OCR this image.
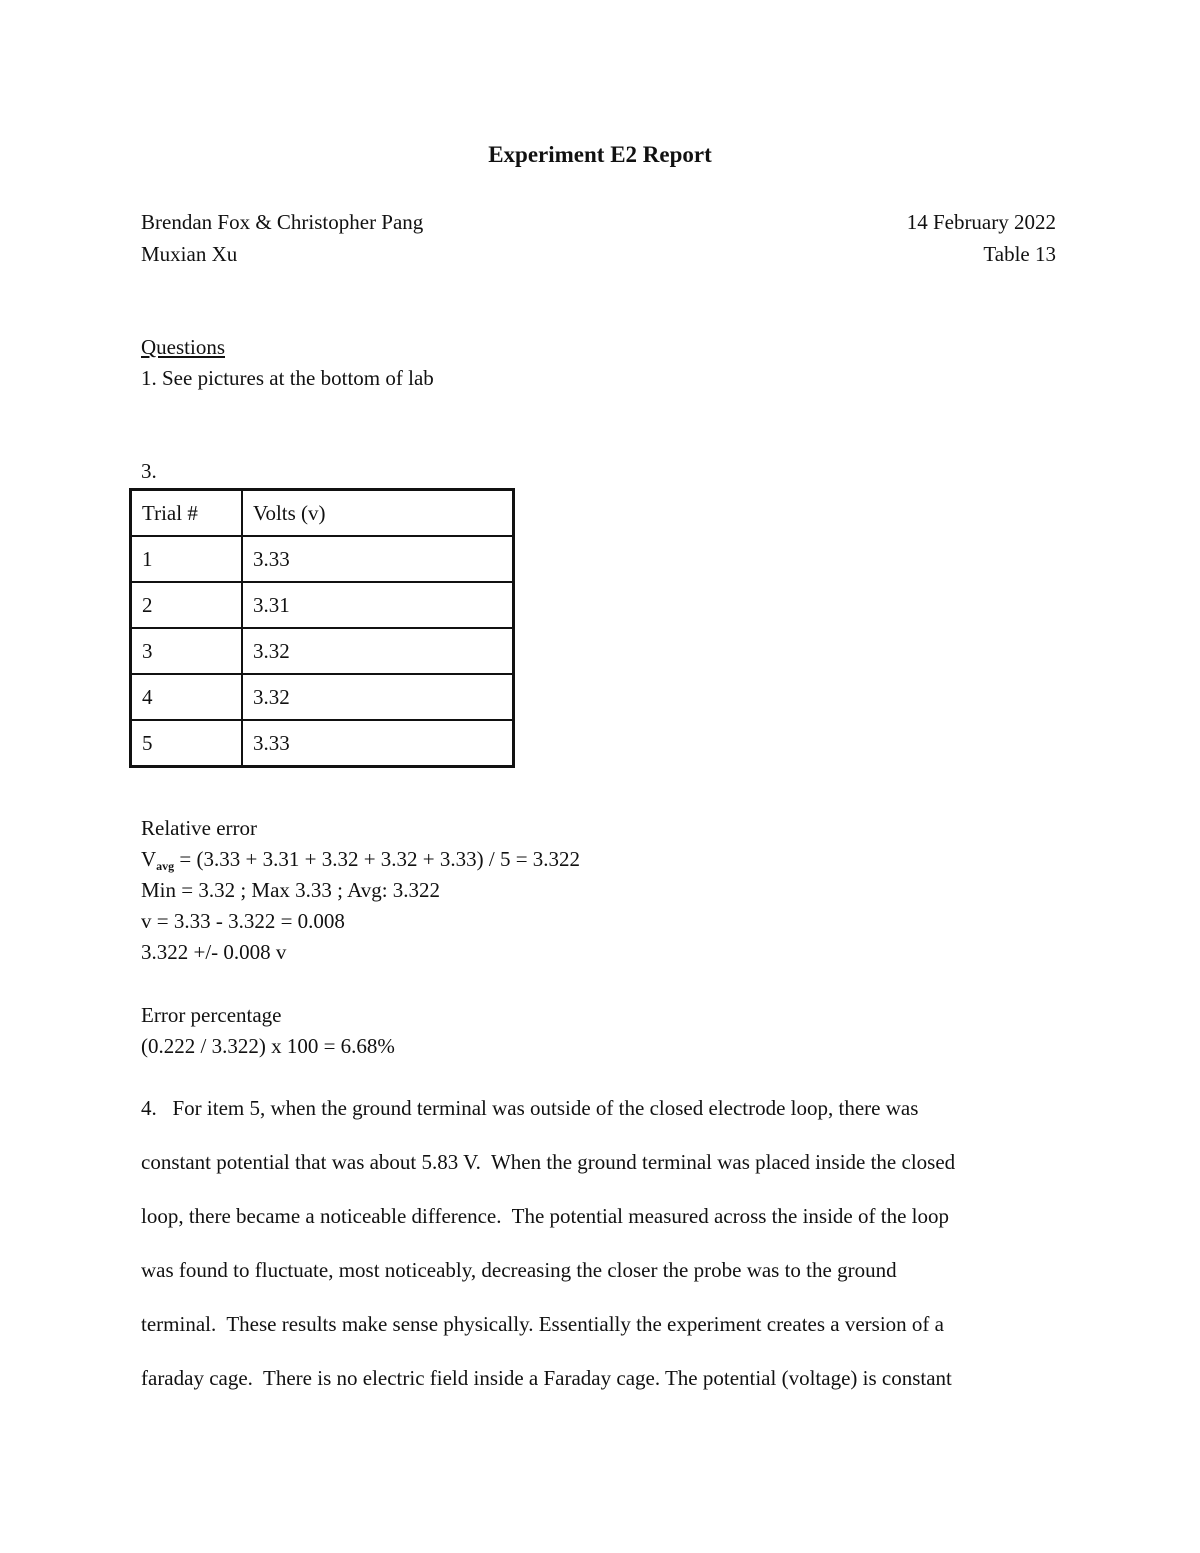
Experiment E2 Report
Brendan Fox & Christopher Pang	14 February 2022
Muxian Xu	Table 13
Questions
1. See pictures at the bottom of lab
3.
Trial #	Volts (v)
1	3.33
2	3.31
3	3.32
4	3.32
5	3.33
Relative error
$V_{avg} = (3.33 + 3.31 + 3.32 + 3.32 + 3.33) / 5 = 3.322$
Min = 3.32 ; Max 3.33 ; Avg: 3.322
v = 3.33 - 3.322 = 0.008
3.322 +/- 0.008 v
Error percentage
(0.222 / 3.322) x 100 = 6.68%
4.   For item 5, when the ground terminal was outside of the closed electrode loop, there was
constant potential that was about 5.83 V.  When the ground terminal was placed inside the closed
loop, there became a noticeable difference.  The potential measured across the inside of the loop
was found to fluctuate, most noticeably, decreasing the closer the probe was to the ground
terminal.  These results make sense physically. Essentially the experiment creates a version of a
faraday cage.  There is no electric field inside a Faraday cage. The potential (voltage) is constant
